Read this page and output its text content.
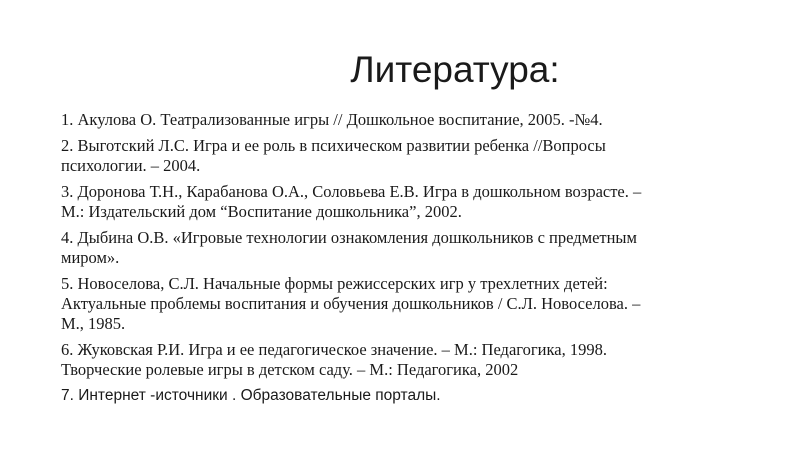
Литература:
1. Акулова О. Театрализованные игры // Дошкольное воспитание, 2005. -№4.
2. Выготский Л.С. Игра и ее роль в психическом развитии ребенка //Вопросы
психологии. – 2004.
3. Доронова Т.Н., Карабанова О.А., Соловьева Е.В. Игра в дошкольном возрасте. –
М.: Издательский дом “Воспитание дошкольника”, 2002.
4. Дыбина О.В. «Игровые технологии ознакомления дошкольников с предметным
миром».
5. Новоселова, С.Л. Начальные формы режиссерских игр у трехлетних детей:
Актуальные проблемы воспитания и обучения дошкольников / С.Л. Новоселова. –
М., 1985.
6. Жуковская Р.И. Игра и ее педагогическое значение. – М.: Педагогика, 1998.
Творческие ролевые игры в детском саду. – М.: Педагогика, 2002
7. Интернет -источники . Образовательные порталы.
